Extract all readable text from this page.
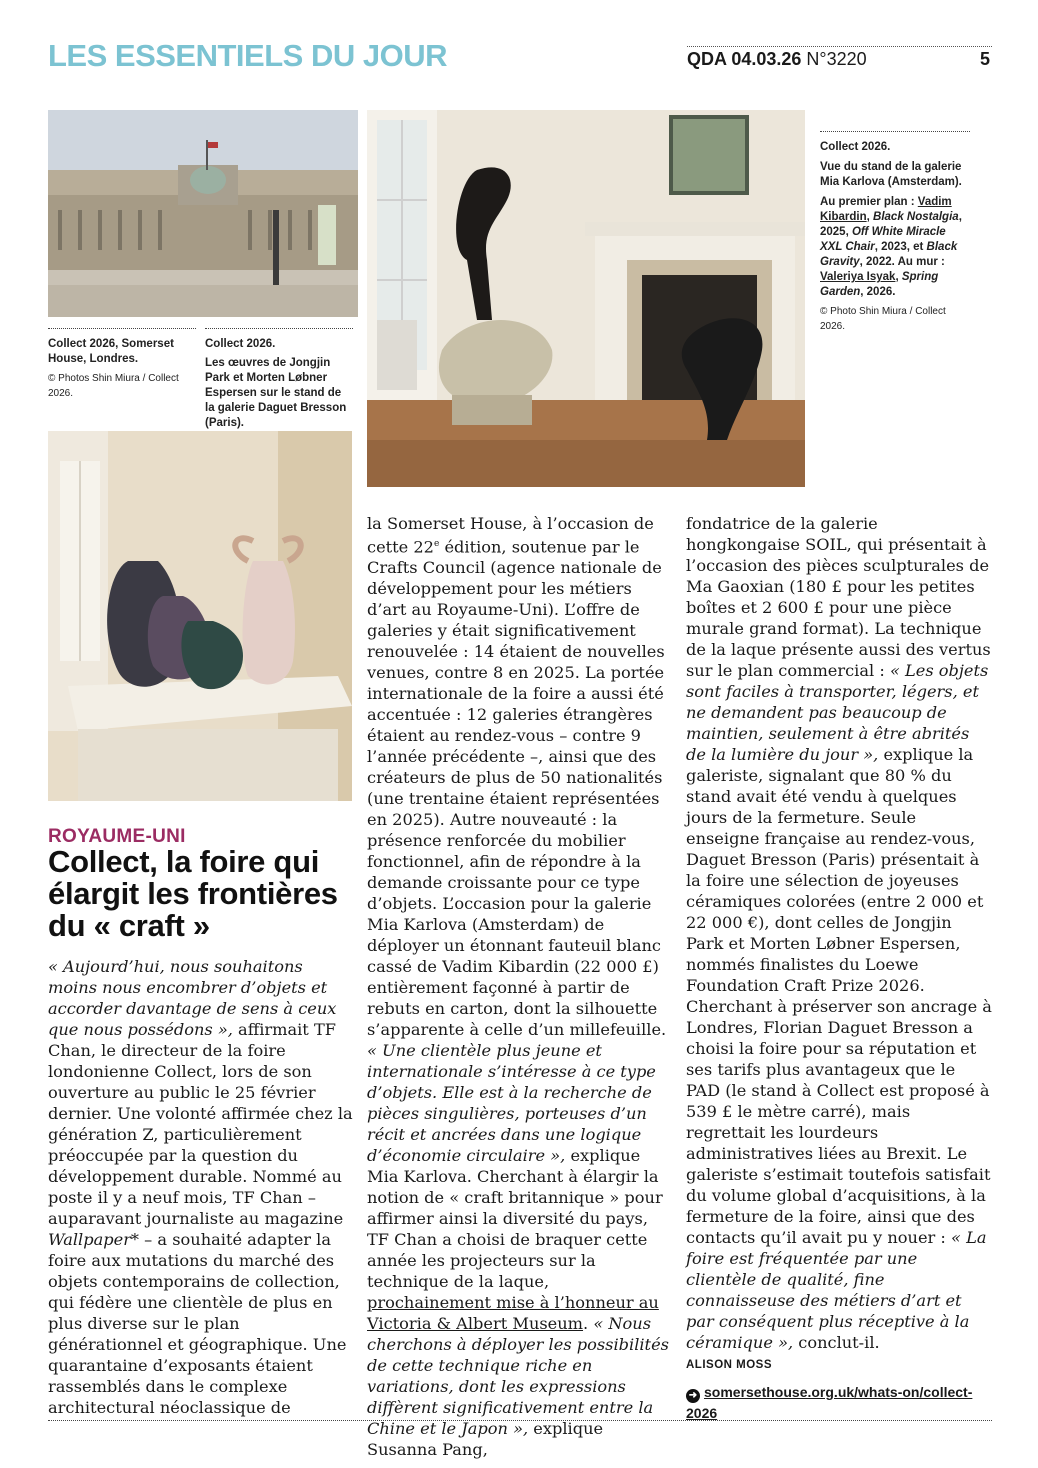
LES ESSENTIELS DU JOUR	QDA 04.03.26 N°3220	5
Collect 2026, Somerset House, Londres.
© Photos Shin Miura / Collect 2026.
Collect 2026.
Les œuvres de Jongjin Park et Morten Løbner Espersen sur le stand de la galerie Daguet Bresson (Paris).
Collect 2026.
Vue du stand de la galerie Mia Karlova (Amsterdam).
Au premier plan : Vadim Kibardin, Black Nostalgia, 2025, Off White Miracle XXL Chair, 2023, et Black Gravity, 2022. Au mur : Valeriya Isyak, Spring Garden, 2026.
© Photo Shin Miura / Collect 2026.
ROYAUME-UNI
Collect, la foire qui élargit les frontières du « craft »

« Aujourd’hui, nous souhaitons moins nous encombrer d’objets et accorder davantage de sens à ceux que nous possédons », affirmait TF Chan, le directeur de la foire londonienne Collect, lors de son ouverture au public le 25 février dernier. Une volonté affirmée chez la génération Z, particulièrement préoccupée par la question du développement durable. Nommé au poste il y a neuf mois, TF Chan – auparavant journaliste au magazine Wallpaper* – a souhaité adapter la foire aux mutations du marché des objets contemporains de collection, qui fédère une clientèle de plus en plus diverse sur le plan générationnel et géographique. Une quarantaine d’exposants étaient rassemblés dans le complexe architectural néoclassique de

la Somerset House, à l’occasion de cette 22e édition, soutenue par le Crafts Council (agence nationale de développement pour les métiers d’art au Royaume-Uni). L’offre de galeries y était significativement renouvelée : 14 étaient de nouvelles venues, contre 8 en 2025. La portée internationale de la foire a aussi été accentuée : 12 galeries étrangères étaient au rendez-vous – contre 9 l’année précédente –, ainsi que des créateurs de plus de 50 nationalités (une trentaine étaient représentées en 2025). Autre nouveauté : la présence renforcée du mobilier fonctionnel, afin de répondre à la demande croissante pour ce type d’objets. L’occasion pour la galerie Mia Karlova (Amsterdam) de déployer un étonnant fauteuil blanc cassé de Vadim Kibardin (22 000 £) entièrement façonné à partir de rebuts en carton, dont la silhouette s’apparente à celle d’un millefeuille. « Une clientèle plus jeune et internationale s’intéresse à ce type d’objets. Elle est à la recherche de pièces singulières, porteuses d’un récit et ancrées dans une logique d’économie circulaire », explique Mia Karlova. Cherchant à élargir la notion de « craft britannique » pour affirmer ainsi la diversité du pays, TF Chan a choisi de braquer cette année les projecteurs sur la technique de la laque, prochainement mise à l’honneur au Victoria & Albert Museum. « Nous cherchons à déployer les possibilités de cette technique riche en variations, dont les expressions diffèrent significativement entre la Chine et le Japon », explique Susanna Pang,

fondatrice de la galerie hongkongaise SOIL, qui présentait à l’occasion des pièces sculpturales de Ma Gaoxian (180 £ pour les petites boîtes et 2 600 £ pour une pièce murale grand format). La technique de la laque présente aussi des vertus sur le plan commercial : « Les objets sont faciles à transporter, légers, et ne demandent pas beaucoup de maintien, seulement à être abrités de la lumière du jour », explique la galeriste, signalant que 80 % du stand avait été vendu à quelques jours de la fermeture. Seule enseigne française au rendez-vous, Daguet Bresson (Paris) présentait à la foire une sélection de joyeuses céramiques colorées (entre 2 000 et 22 000 €), dont celles de Jongjin Park et Morten Løbner Espersen, nommés finalistes du Loewe Foundation Craft Prize 2026. Cherchant à préserver son ancrage à Londres, Florian Daguet Bresson a choisi la foire pour sa réputation et ses tarifs plus avantageux que le PAD (le stand à Collect est proposé à 539 £ le mètre carré), mais regrettait les lourdeurs administratives liées au Brexit. Le galeriste s’estimait toutefois satisfait du volume global d’acquisitions, à la fermeture de la foire, ainsi que des contacts qu’il avait pu y nouer : « La foire est fréquentée par une clientèle de qualité, fine connaisseuse des métiers d’art et par conséquent plus réceptive à la céramique », conclut-il.

ALISON MOSS
➜ somersethouse.org.uk/whats-on/collect-2026
